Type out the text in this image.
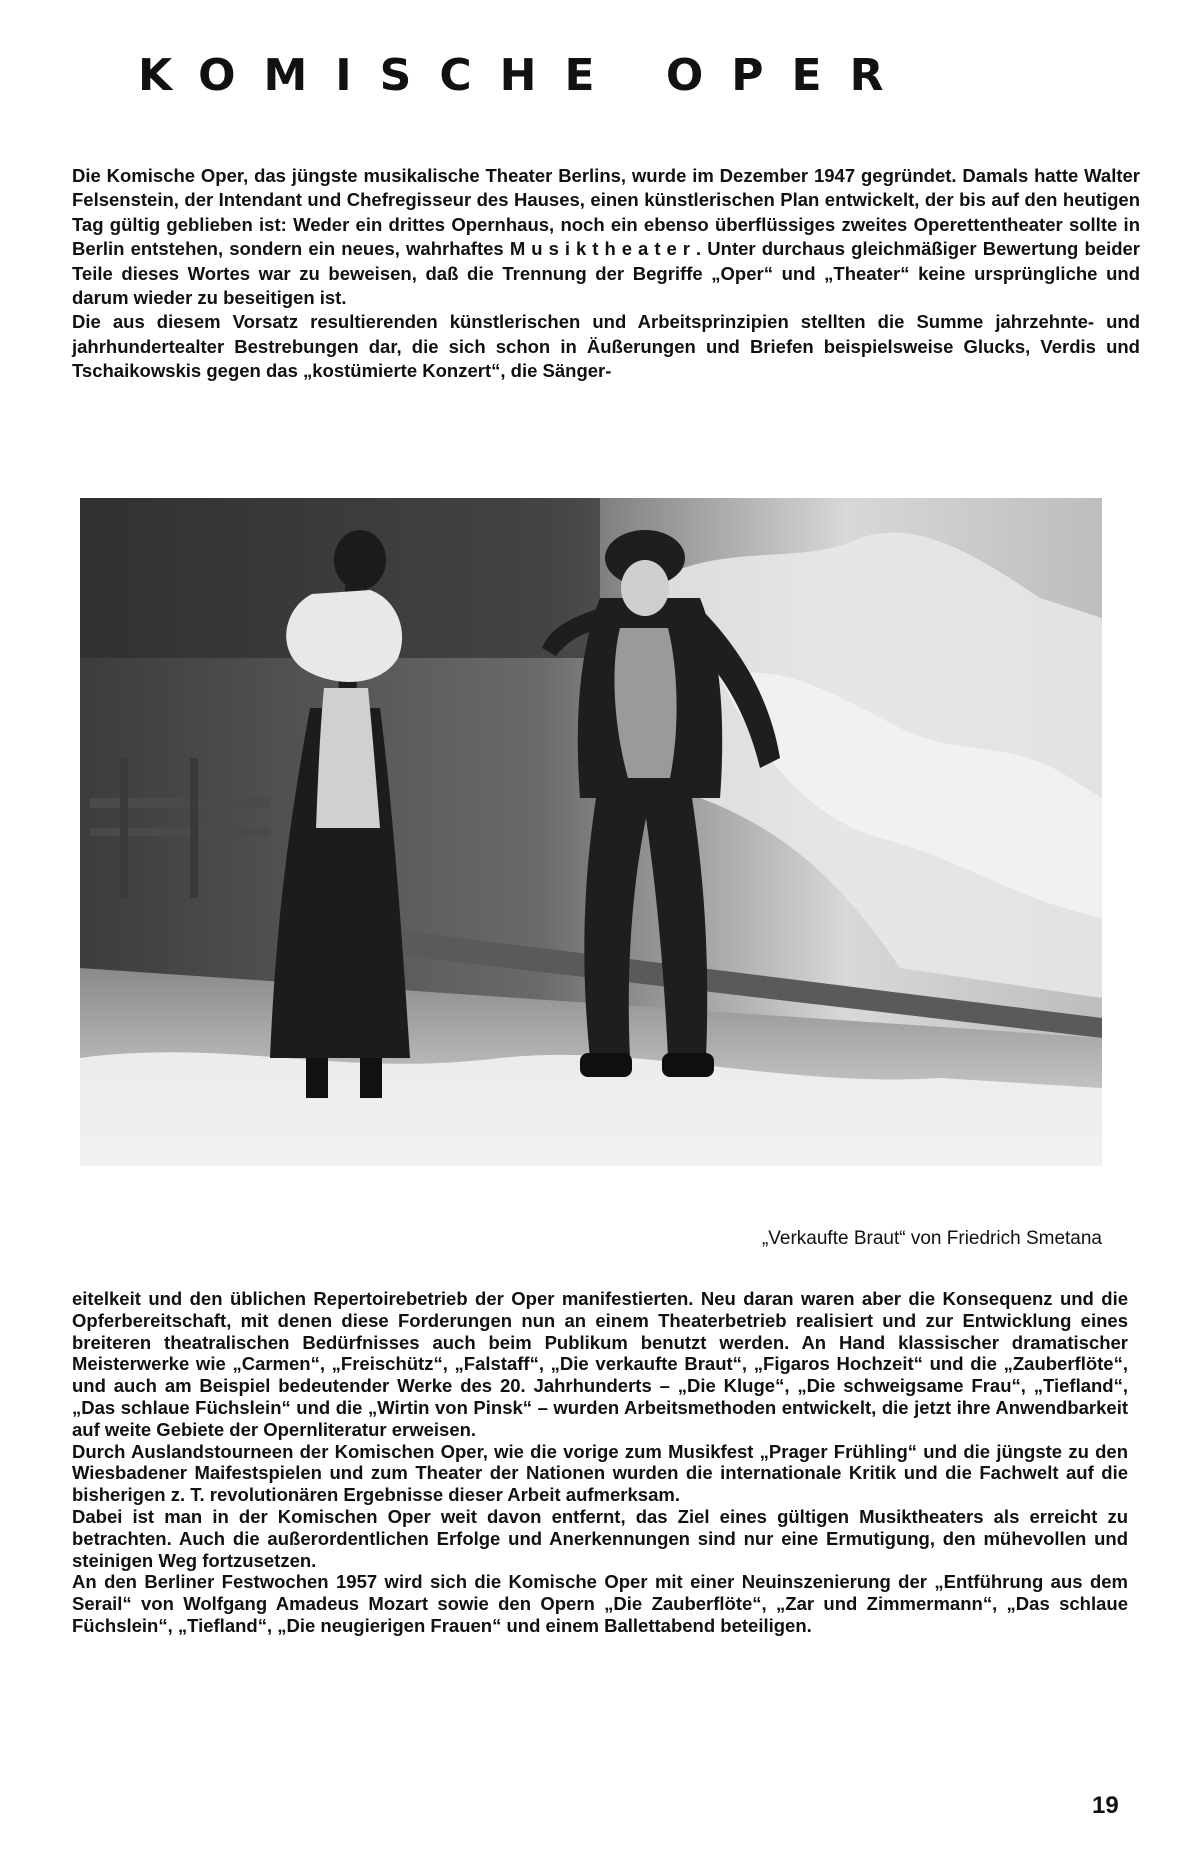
KOMISCHE OPER

Die Komische Oper, das jüngste musikalische Theater Berlins, wurde im Dezember 1947 gegründet. Damals hatte Walter Felsenstein, der Intendant und Chefregisseur des Hauses, einen künstlerischen Plan entwickelt, der bis auf den heutigen Tag gültig geblieben ist: Weder ein drittes Opernhaus, noch ein ebenso überflüssiges zweites Operettentheater sollte in Berlin entstehen, sondern ein neues, wahrhaftes Musiktheater. Unter durchaus gleichmäßiger Bewertung beider Teile dieses Wortes war zu beweisen, daß die Trennung der Begriffe „Oper“ und „Theater“ keine ursprüngliche und darum wieder zu beseitigen ist.
Die aus diesem Vorsatz resultierenden künstlerischen und Arbeitsprinzipien stellten die Summe jahrzehnte- und jahrhundertealter Bestrebungen dar, die sich schon in Äußerungen und Briefen beispielsweise Glucks, Verdis und Tschaikowskis gegen das „kostümierte Konzert“, die Sänger-

„Verkaufte Braut“ von Friedrich Smetana

eitelkeit und den üblichen Repertoirebetrieb der Oper manifestierten. Neu daran waren aber die Konsequenz und die Opferbereitschaft, mit denen diese Forderungen nun an einem Theaterbetrieb realisiert und zur Entwicklung eines breiteren theatralischen Bedürfnisses auch beim Publikum benutzt werden. An Hand klassischer dramatischer Meisterwerke wie „Carmen“, „Freischütz“, „Falstaff“, „Die verkaufte Braut“, „Figaros Hochzeit“ und die „Zauberflöte“, und auch am Beispiel bedeutender Werke des 20. Jahrhunderts – „Die Kluge“, „Die schweigsame Frau“, „Tiefland“, „Das schlaue Füchslein“ und die „Wirtin von Pinsk“ – wurden Arbeitsmethoden entwickelt, die jetzt ihre Anwendbarkeit auf weite Gebiete der Opernliteratur erweisen.
Durch Auslandstourneen der Komischen Oper, wie die vorige zum Musikfest „Prager Frühling“ und die jüngste zu den Wiesbadener Maifestspielen und zum Theater der Nationen wurden die internationale Kritik und die Fachwelt auf die bisherigen z. T. revolutionären Ergebnisse dieser Arbeit aufmerksam.
Dabei ist man in der Komischen Oper weit davon entfernt, das Ziel eines gültigen Musiktheaters als erreicht zu betrachten. Auch die außerordentlichen Erfolge und Anerkennungen sind nur eine Ermutigung, den mühevollen und steinigen Weg fortzusetzen.
An den Berliner Festwochen 1957 wird sich die Komische Oper mit einer Neuinszenierung der „Entführung aus dem Serail“ von Wolfgang Amadeus Mozart sowie den Opern „Die Zauberflöte“, „Zar und Zimmermann“, „Das schlaue Füchslein“, „Tiefland“, „Die neugierigen Frauen“ und einem Ballettabend beteiligen.

19
